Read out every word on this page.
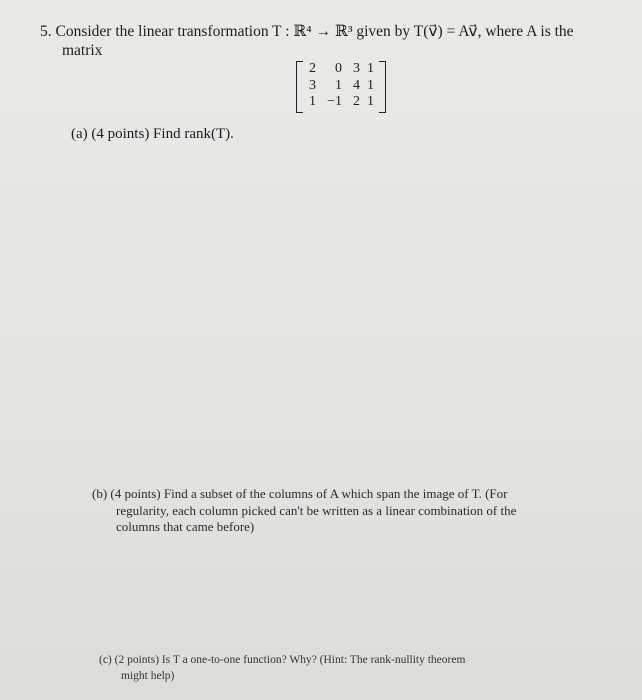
5. Consider the linear transformation T : ℝ⁴ → ℝ³ given by T(v⃗) = Av⃗, where A is the
matrix
2	0 3 1
3	1 4 1
1 −1 2 1
(a) (4 points) Find rank(T).
(b) (4 points) Find a subset of the columns of A which span the image of T. (For
regularity, each column picked can't be written as a linear combination of the
columns that came before)
(c) (2 points) Is T a one-to-one function? Why? (Hint: The rank-nullity theorem
might help)
